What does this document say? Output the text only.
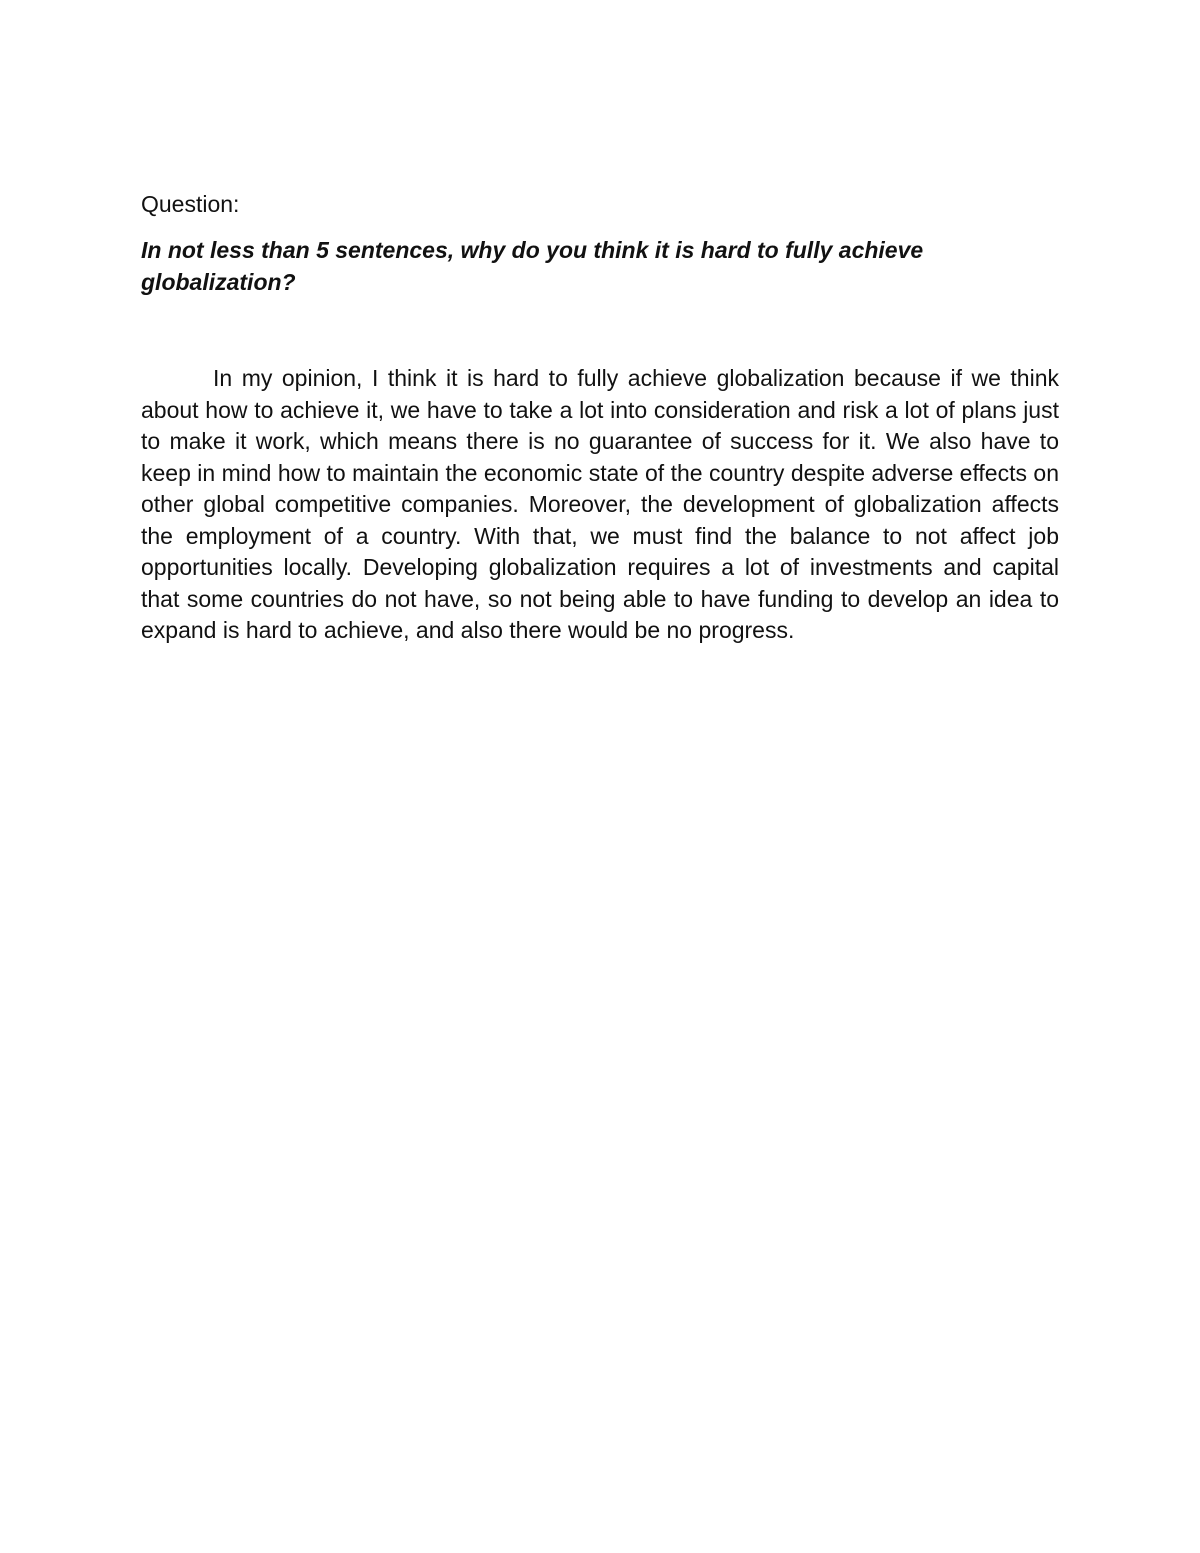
Question:

In not less than 5 sentences, why do you think it is hard to fully achieve globalization?

In my opinion, I think it is hard to fully achieve globalization because if we think about how to achieve it, we have to take a lot into consideration and risk a lot of plans just to make it work, which means there is no guarantee of success for it. We also have to keep in mind how to maintain the economic state of the country despite adverse effects on other global competitive companies. Moreover, the development of globalization affects the employment of a country. With that, we must find the balance to not affect job opportunities locally. Developing globalization requires a lot of investments and capital that some countries do not have, so not being able to have funding to develop an idea to expand is hard to achieve, and also there would be no progress.
